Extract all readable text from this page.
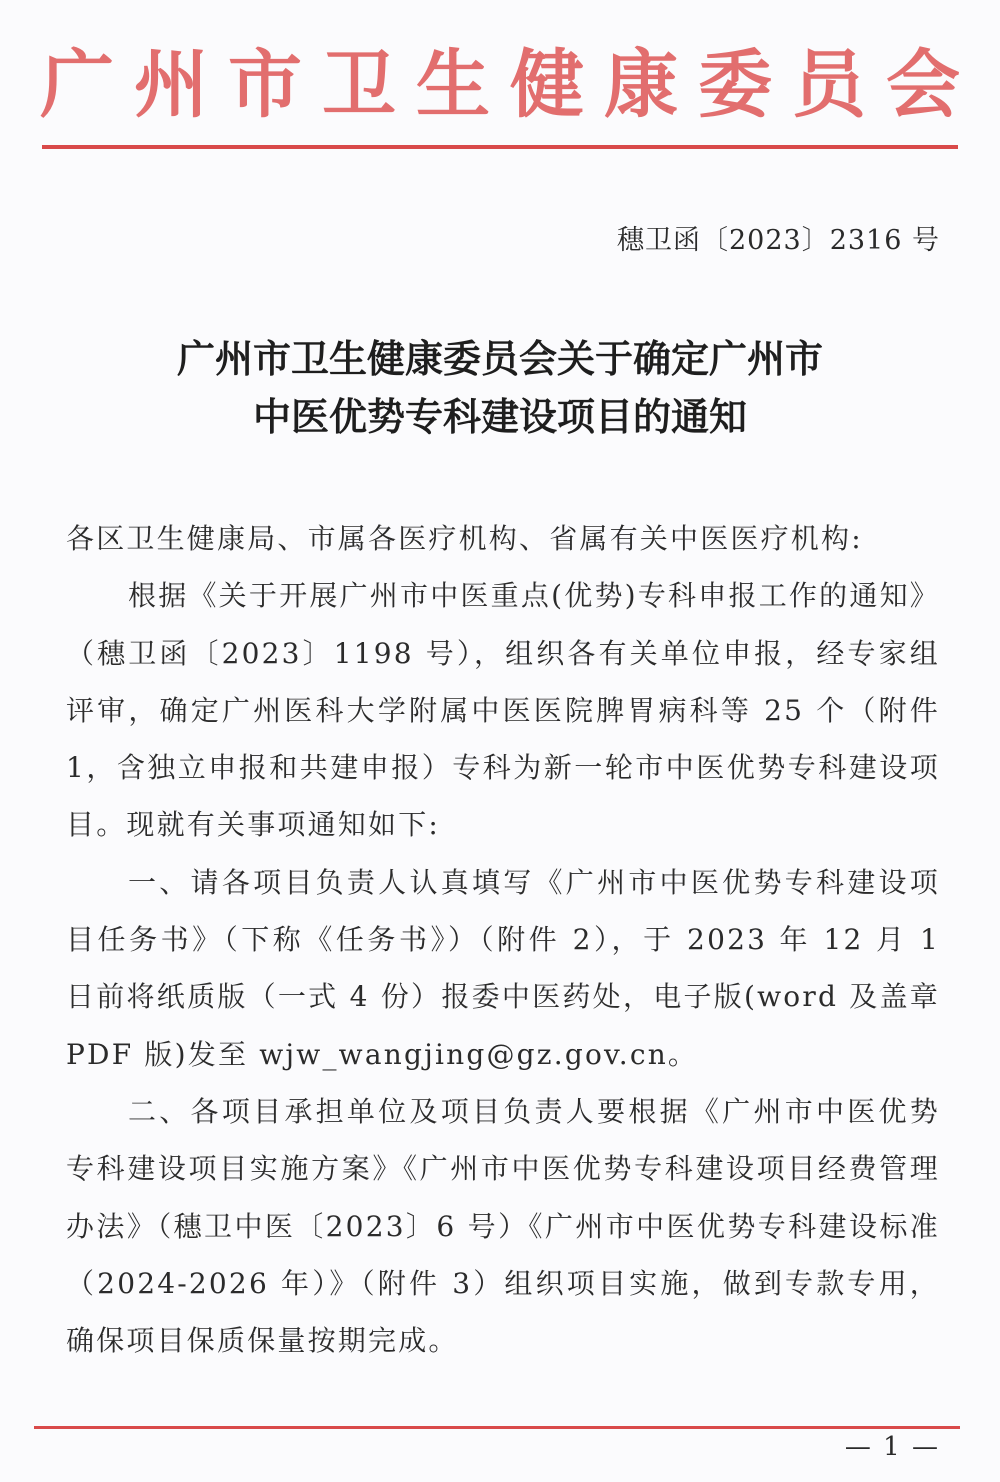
广 州 市 卫 生 健 康 委 员 会
穗卫函〔2023〕2316 号
广州市卫生健康委员会关于确定广州市
中医优势专科建设项目的通知

各区卫生健康局、市属各医疗机构、省属有关中医医疗机构:

根据《关于开展广州市中医重点(优势)专科申报工作的通知》（穗卫函〔2023〕1198 号），组织各有关单位申报，经专家组评审，确定广州医科大学附属中医医院脾胃病科等 25 个（附件 1，含独立申报和共建申报）专科为新一轮市中医优势专科建设项目。现就有关事项通知如下:

一、请各项目负责人认真填写《广州市中医优势专科建设项目任务书》（下称《任务书》）（附件 2），于 2023 年 12 月 1 日前将纸质版（一式 4 份）报委中医药处，电子版(word 及盖章 PDF 版)发至 wjw_wangjing@gz.gov.cn。

二、各项目承担单位及项目负责人要根据《广州市中医优势专科建设项目实施方案》《广州市中医优势专科建设项目经费管理办法》（穗卫中医〔2023〕6 号）《广州市中医优势专科建设标准（2024-2026 年）》（附件 3）组织项目实施，做到专款专用，确保项目保质保量按期完成。

— 1 —
